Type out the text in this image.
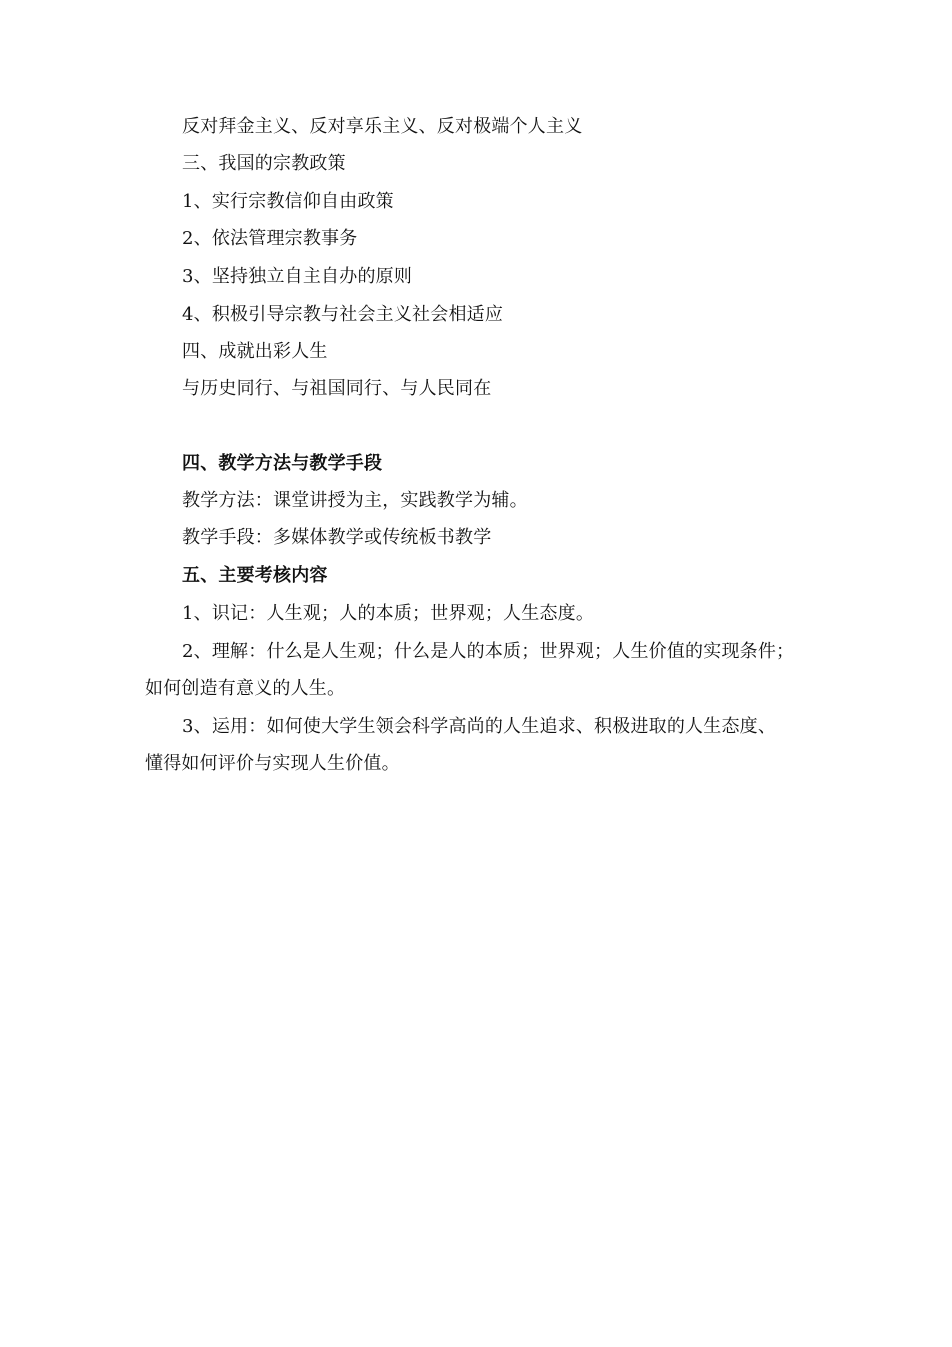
反对拜金主义、反对享乐主义、反对极端个人主义
三、我国的宗教政策
1、实行宗教信仰自由政策
2、依法管理宗教事务
3、坚持独立自主自办的原则
4、积极引导宗教与社会主义社会相适应
四、成就出彩人生
与历史同行、与祖国同行、与人民同在
四、教学方法与教学手段
教学方法：课堂讲授为主，实践教学为辅。
教学手段：多媒体教学或传统板书教学
五、主要考核内容
1、识记：人生观；人的本质；世界观；人生态度。
2、理解：什么是人生观；什么是人的本质；世界观；人生价值的实现条件；
如何创造有意义的人生。
3、运用：如何使大学生领会科学高尚的人生追求、积极进取的人生态度、
懂得如何评价与实现人生价值。
